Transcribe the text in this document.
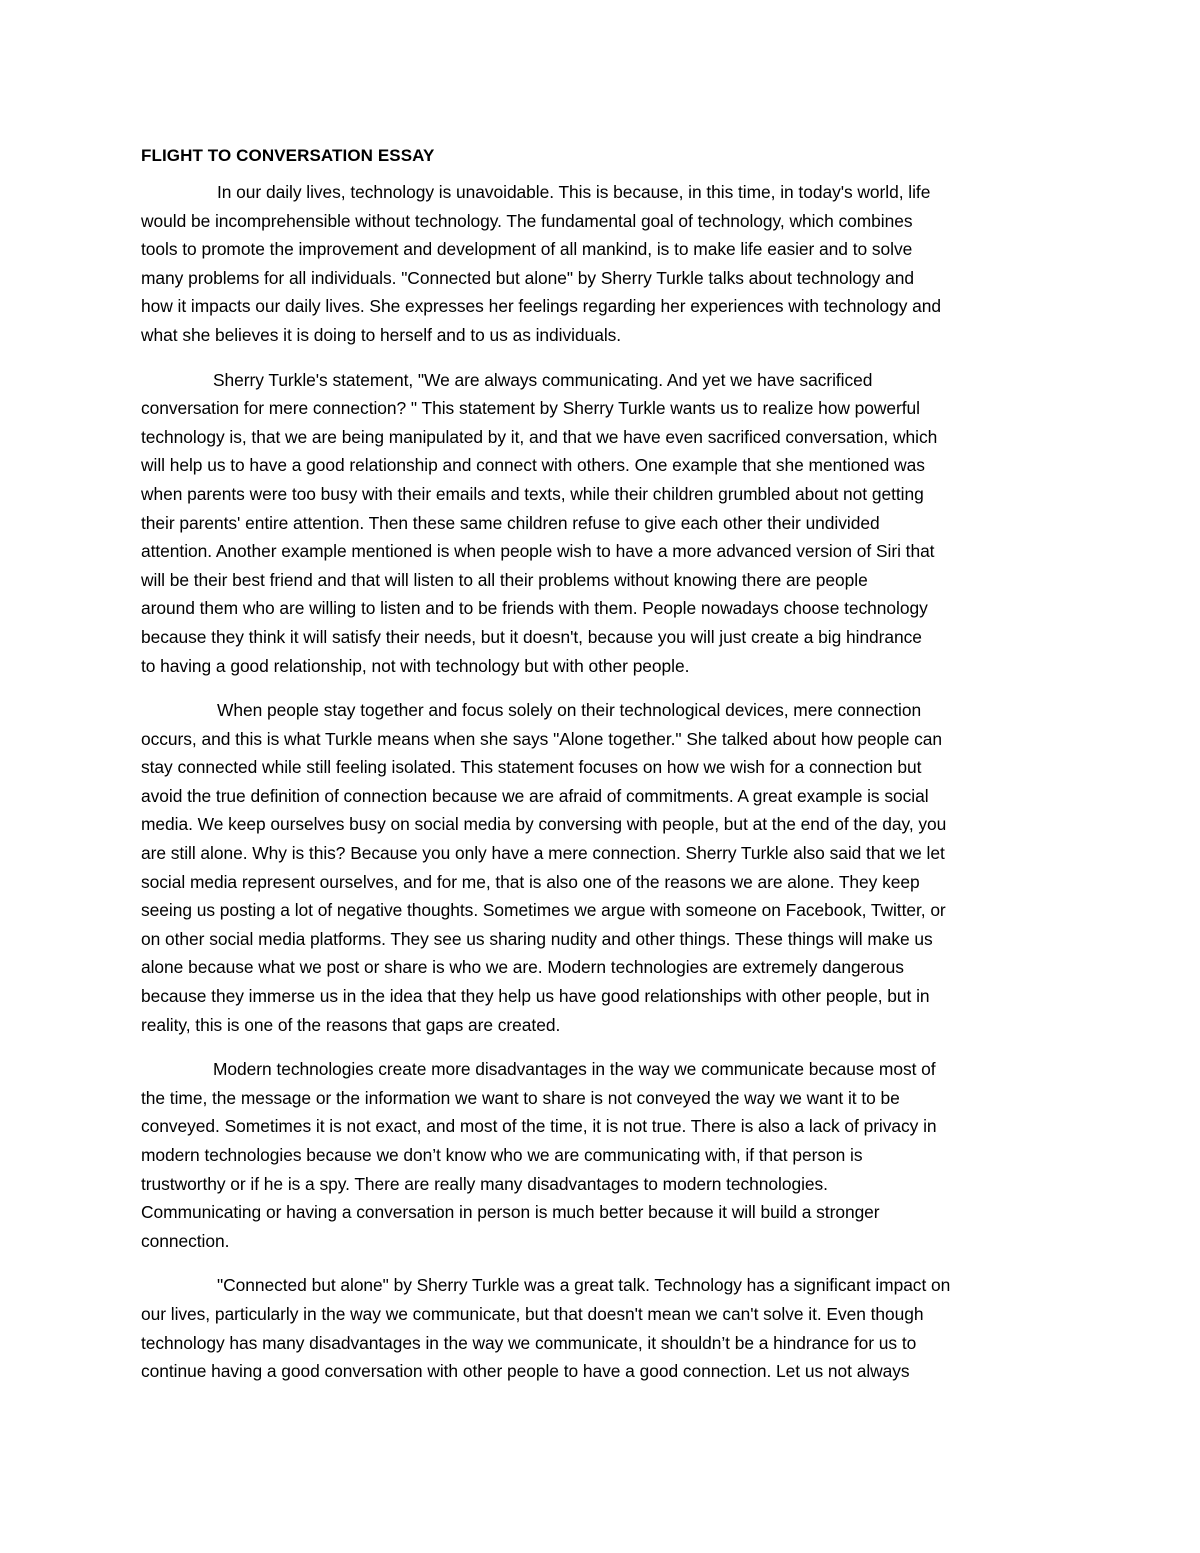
FLIGHT TO CONVERSATION ESSAY
In our daily lives, technology is unavoidable. This is because, in this time, in today's world, life
would be incomprehensible without technology. The fundamental goal of technology, which combines
tools to promote the improvement and development of all mankind, is to make life easier and to solve
many problems for all individuals. "Connected but alone" by Sherry Turkle talks about technology and
how it impacts our daily lives. She expresses her feelings regarding her experiences with technology and
what she believes it is doing to herself and to us as individuals.
Sherry Turkle's statement, "We are always communicating. And yet we have sacrificed
conversation for mere connection? " This statement by Sherry Turkle wants us to realize how powerful
technology is, that we are being manipulated by it, and that we have even sacrificed conversation, which
will help us to have a good relationship and connect with others. One example that she mentioned was
when parents were too busy with their emails and texts, while their children grumbled about not getting
their parents' entire attention. Then these same children refuse to give each other their undivided
attention. Another example mentioned is when people wish to have a more advanced version of Siri that
will be their best friend and that will listen to all their problems without knowing there are people
around them who are willing to listen and to be friends with them. People nowadays choose technology
because they think it will satisfy their needs, but it doesn't, because you will just create a big hindrance
to having a good relationship, not with technology but with other people.
When people stay together and focus solely on their technological devices, mere connection
occurs, and this is what Turkle means when she says "Alone together." She talked about how people can
stay connected while still feeling isolated. This statement focuses on how we wish for a connection but
avoid the true definition of connection because we are afraid of commitments. A great example is social
media. We keep ourselves busy on social media by conversing with people, but at the end of the day, you
are still alone. Why is this? Because you only have a mere connection. Sherry Turkle also said that we let
social media represent ourselves, and for me, that is also one of the reasons we are alone. They keep
seeing us posting a lot of negative thoughts. Sometimes we argue with someone on Facebook, Twitter, or
on other social media platforms. They see us sharing nudity and other things. These things will make us
alone because what we post or share is who we are. Modern technologies are extremely dangerous
because they immerse us in the idea that they help us have good relationships with other people, but in
reality, this is one of the reasons that gaps are created.
Modern technologies create more disadvantages in the way we communicate because most of
the time, the message or the information we want to share is not conveyed the way we want it to be
conveyed. Sometimes it is not exact, and most of the time, it is not true. There is also a lack of privacy in
modern technologies because we don’t know who we are communicating with, if that person is
trustworthy or if he is a spy. There are really many disadvantages to modern technologies.
Communicating or having a conversation in person is much better because it will build a stronger
connection.
"Connected but alone" by Sherry Turkle was a great talk. Technology has a significant impact on
our lives, particularly in the way we communicate, but that doesn't mean we can't solve it. Even though
technology has many disadvantages in the way we communicate, it shouldn’t be a hindrance for us to
continue having a good conversation with other people to have a good connection. Let us not always
